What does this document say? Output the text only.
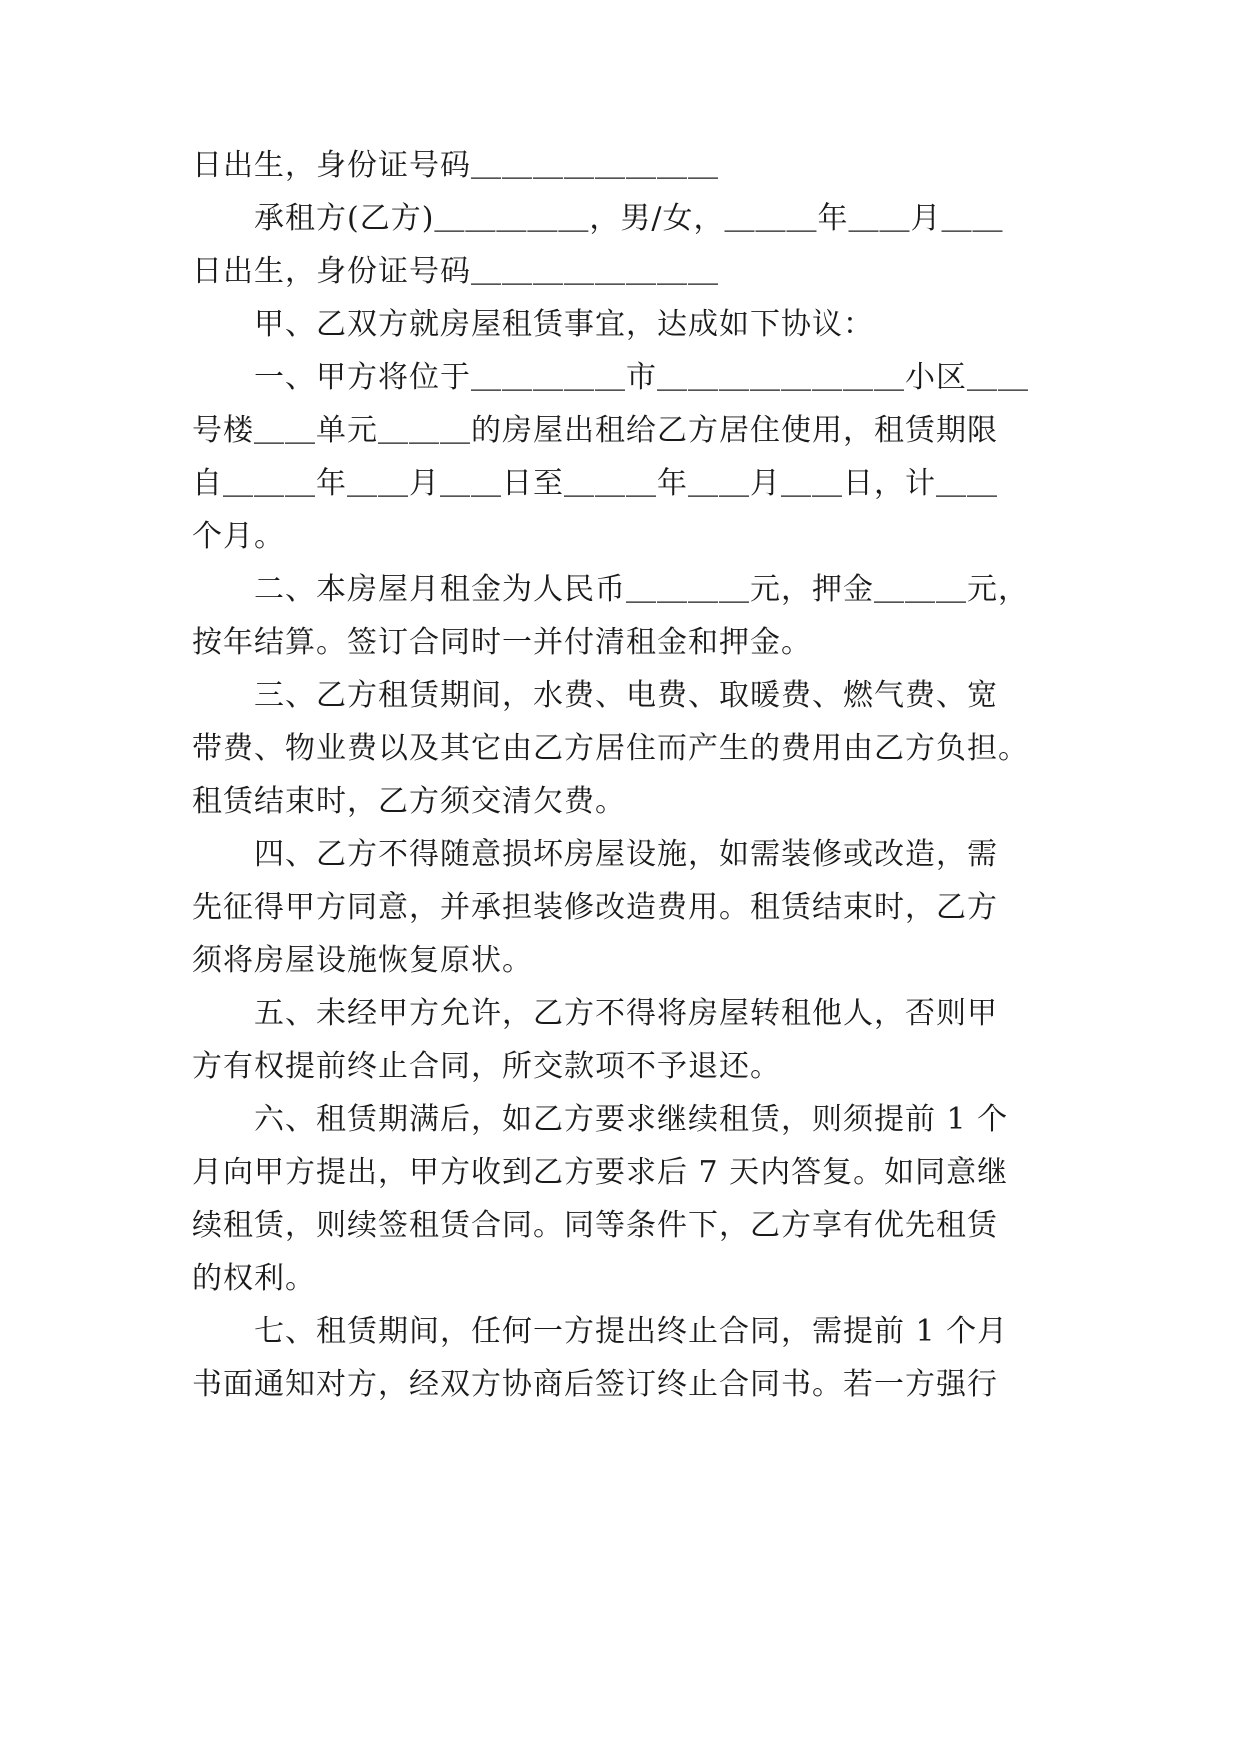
日出生，身份证号码＿＿＿＿＿＿＿＿
承租方(乙方)＿＿＿＿＿，男/女，＿＿＿年＿＿月＿＿
日出生，身份证号码＿＿＿＿＿＿＿＿
甲、乙双方就房屋租赁事宜，达成如下协议：
一、甲方将位于＿＿＿＿＿市＿＿＿＿＿＿＿＿小区＿＿
号楼＿＿单元＿＿＿的房屋出租给乙方居住使用，租赁期限
自＿＿＿年＿＿月＿＿日至＿＿＿年＿＿月＿＿日，计＿＿
个月。
二、本房屋月租金为人民币＿＿＿＿元，押金＿＿＿元，
按年结算。签订合同时一并付清租金和押金。
三、乙方租赁期间，水费、电费、取暖费、燃气费、宽
带费、物业费以及其它由乙方居住而产生的费用由乙方负担。
租赁结束时，乙方须交清欠费。
四、乙方不得随意损坏房屋设施，如需装修或改造，需
先征得甲方同意，并承担装修改造费用。租赁结束时，乙方
须将房屋设施恢复原状。
五、未经甲方允许，乙方不得将房屋转租他人，否则甲
方有权提前终止合同，所交款项不予退还。
六、租赁期满后，如乙方要求继续租赁，则须提前 1 个
月向甲方提出，甲方收到乙方要求后 7 天内答复。如同意继
续租赁，则续签租赁合同。同等条件下，乙方享有优先租赁
的权利。
七、租赁期间，任何一方提出终止合同，需提前 1 个月
书面通知对方，经双方协商后签订终止合同书。若一方强行
